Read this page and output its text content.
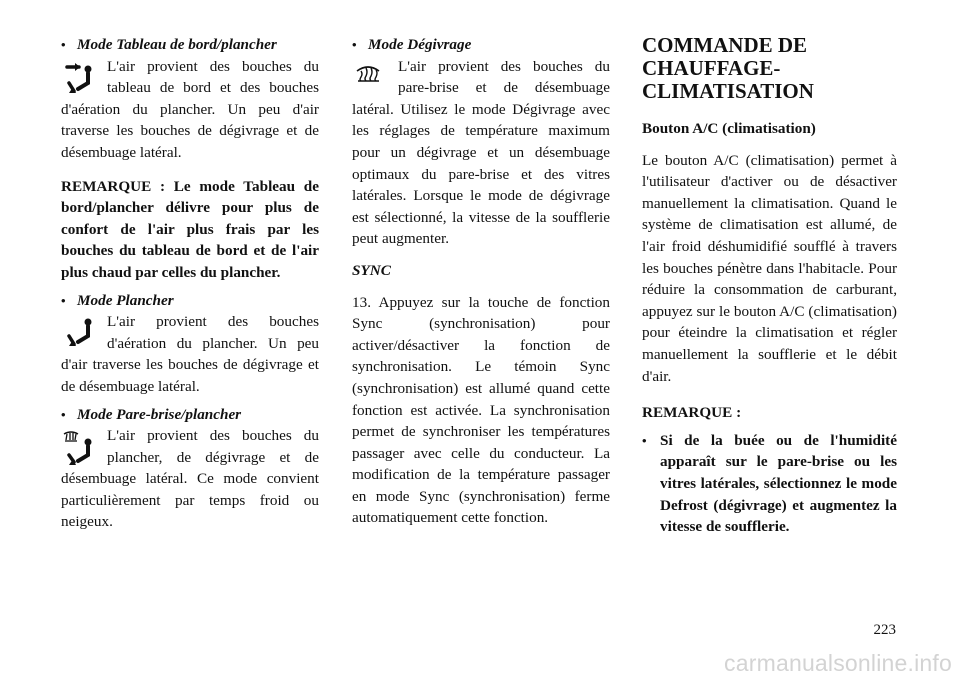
• Mode Tableau de bord/plancher

L'air provient des bouches du tableau de bord et des bouches d'aération du plancher. Un peu d'air traverse les bouches de dégivrage et de désembuage latéral.

REMARQUE : Le mode Tableau de bord/plancher délivre pour plus de confort de l'air plus frais par les bouches du tableau de bord et de l'air plus chaud par celles du plancher.

• Mode Plancher

L'air provient des bouches d'aération du plancher. Un peu d'air traverse les bouches de dégivrage et de désembuage latéral.

• Mode Pare-brise/plancher

L'air provient des bouches du plancher, de dégivrage et de désembuage latéral. Ce mode convient particulièrement par temps froid ou neigeux.

• Mode Dégivrage

L'air provient des bouches du pare-brise et de désembuage latéral. Utilisez le mode Dégivrage avec les réglages de température maximum pour un dégivrage et un désembuage optimaux du pare-brise et des vitres latérales. Lorsque le mode de dégivrage est sélectionné, la vitesse de la soufflerie peut augmenter.

SYNC

13. Appuyez sur la touche de fonction Sync (synchronisation) pour activer/désactiver la fonction de synchronisation. Le témoin Sync (synchronisation) est allumé quand cette fonction est activée. La synchronisation permet de synchroniser les températures passager avec celle du conducteur. La modification de la température passager en mode Sync (synchronisation) ferme automatiquement cette fonction.

COMMANDE DE CHAUFFAGE-CLIMATISATION

Bouton A/C (climatisation)

Le bouton A/C (climatisation) permet à l'utilisateur d'activer ou de désactiver manuellement la climatisation. Quand le système de climatisation est allumé, de l'air froid déshumidifié soufflé à travers les bouches pénètre dans l'habitacle. Pour réduire la consommation de carburant, appuyez sur le bouton A/C (climatisation) pour éteindre la climatisation et régler manuellement la soufflerie et le débit d'air.

REMARQUE :

• Si de la buée ou de l'humidité apparaît sur le pare-brise ou les vitres latérales, sélectionnez le mode Defrost (dégivrage) et augmentez la vitesse de soufflerie.
223
carmanualsonline.info
